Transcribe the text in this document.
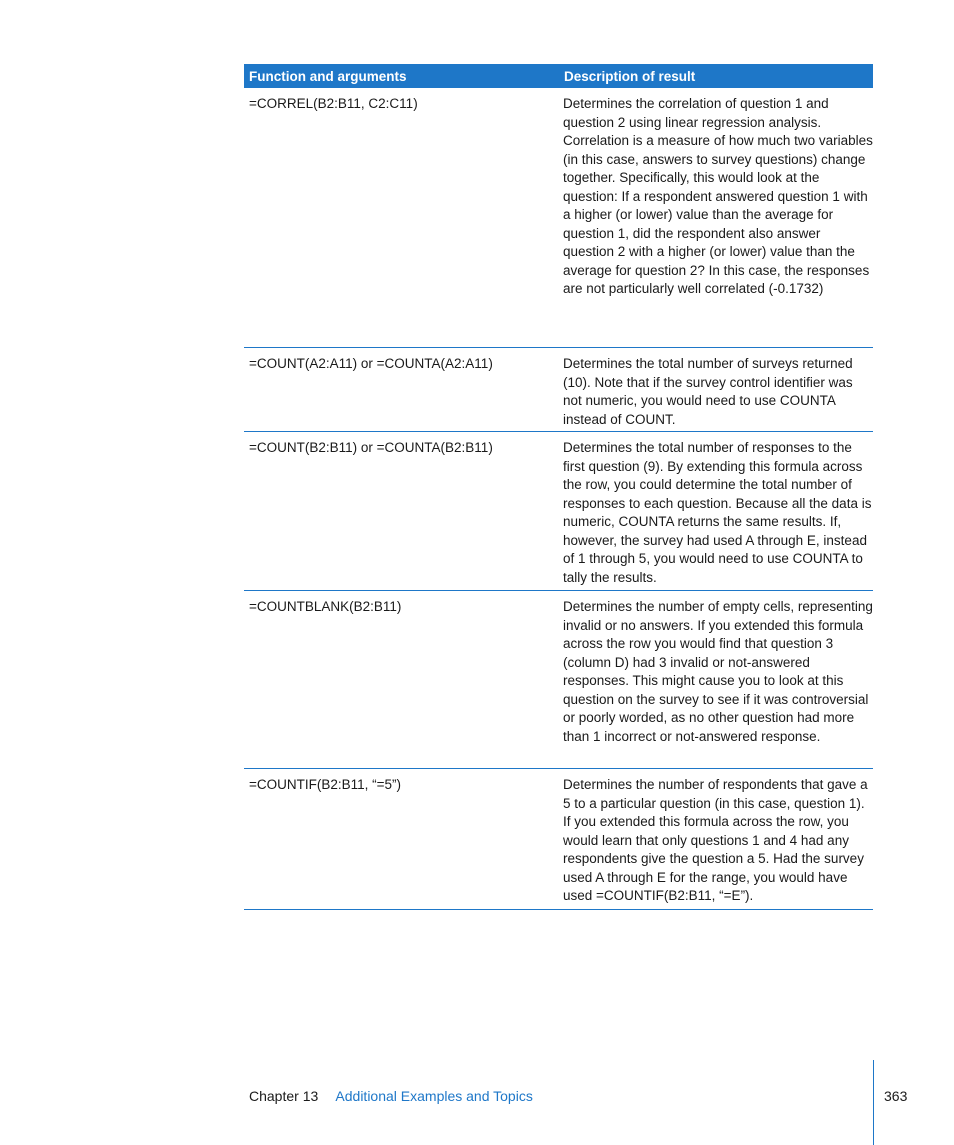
Function and arguments	Description of result
=CORREL(B2:B11, C2:C11)	Determines the correlation of question 1 and question 2 using linear regression analysis. Correlation is a measure of how much two variables (in this case, answers to survey questions) change together. Specifically, this would look at the question: If a respondent answered question 1 with a higher (or lower) value than the average for question 1, did the respondent also answer question 2 with a higher (or lower) value than the average for question 2? In this case, the responses are not particularly well correlated (-0.1732)
=COUNT(A2:A11) or =COUNTA(A2:A11)	Determines the total number of surveys returned (10). Note that if the survey control identifier was not numeric, you would need to use COUNTA instead of COUNT.
=COUNT(B2:B11) or =COUNTA(B2:B11)	Determines the total number of responses to the first question (9). By extending this formula across the row, you could determine the total number of responses to each question. Because all the data is numeric, COUNTA returns the same results. If, however, the survey had used A through E, instead of 1 through 5, you would need to use COUNTA to tally the results.
=COUNTBLANK(B2:B11)	Determines the number of empty cells, representing invalid or no answers. If you extended this formula across the row you would find that question 3 (column D) had 3 invalid or not-answered responses. This might cause you to look at this question on the survey to see if it was controversial or poorly worded, as no other question had more than 1 incorrect or not-answered response.
=COUNTIF(B2:B11, “=5”)	Determines the number of respondents that gave a 5 to a particular question (in this case, question 1). If you extended this formula across the row, you would learn that only questions 1 and 4 had any respondents give the question a 5. Had the survey used A through E for the range, you would have used =COUNTIF(B2:B11, “=E”).
Chapter 13 Additional Examples and Topics	363
